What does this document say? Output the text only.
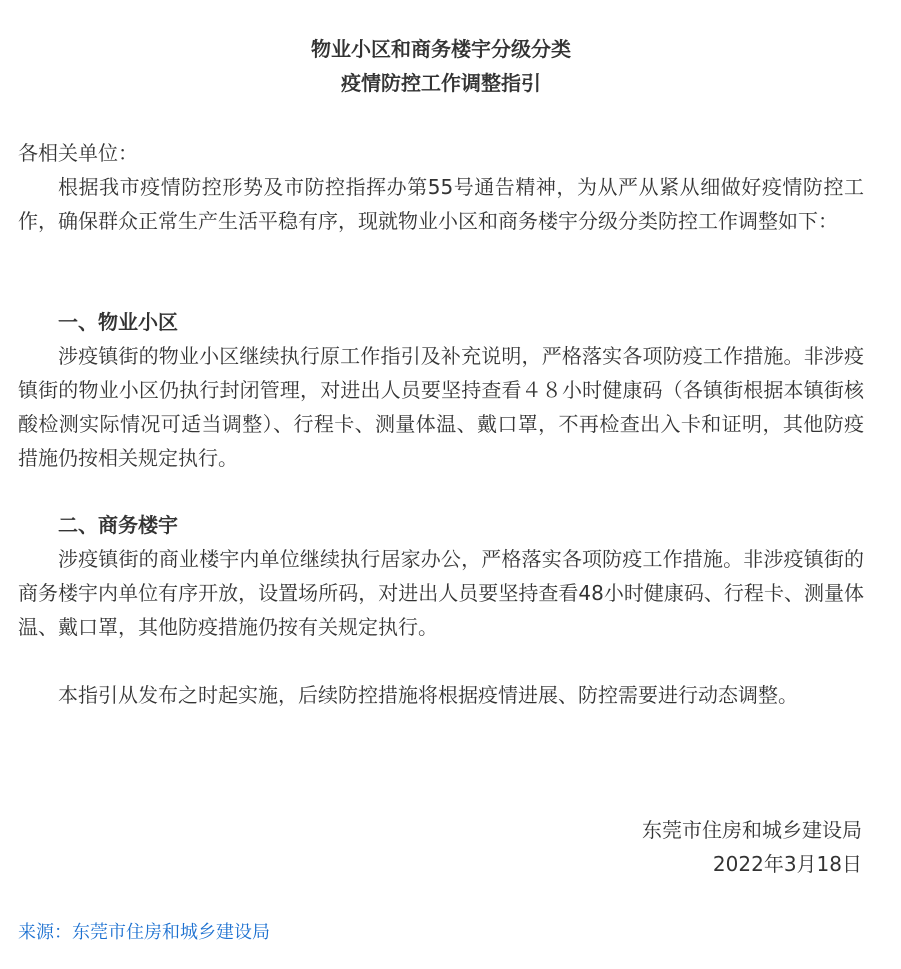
物业小区和商务楼宇分级分类
疫情防控工作调整指引
各相关单位：
根据我市疫情防控形势及市防控指挥办第55号通告精神，为从严从紧从细做好疫情防控工作，确保群众正常生产生活平稳有序，现就物业小区和商务楼宇分级分类防控工作调整如下：
一、物业小区
涉疫镇街的物业小区继续执行原工作指引及补充说明，严格落实各项防疫工作措施。非涉疫镇街的物业小区仍执行封闭管理，对进出人员要坚持查看４８小时健康码（各镇街根据本镇街核酸检测实际情况可适当调整）、行程卡、测量体温、戴口罩，不再检查出入卡和证明，其他防疫措施仍按相关规定执行。
二、商务楼宇
涉疫镇街的商业楼宇内单位继续执行居家办公，严格落实各项防疫工作措施。非涉疫镇街的商务楼宇内单位有序开放，设置场所码，对进出人员要坚持查看48小时健康码、行程卡、测量体温、戴口罩，其他防疫措施仍按有关规定执行。
本指引从发布之时起实施，后续防控措施将根据疫情进展、防控需要进行动态调整。
东莞市住房和城乡建设局
2022年3月18日
来源：东莞市住房和城乡建设局
